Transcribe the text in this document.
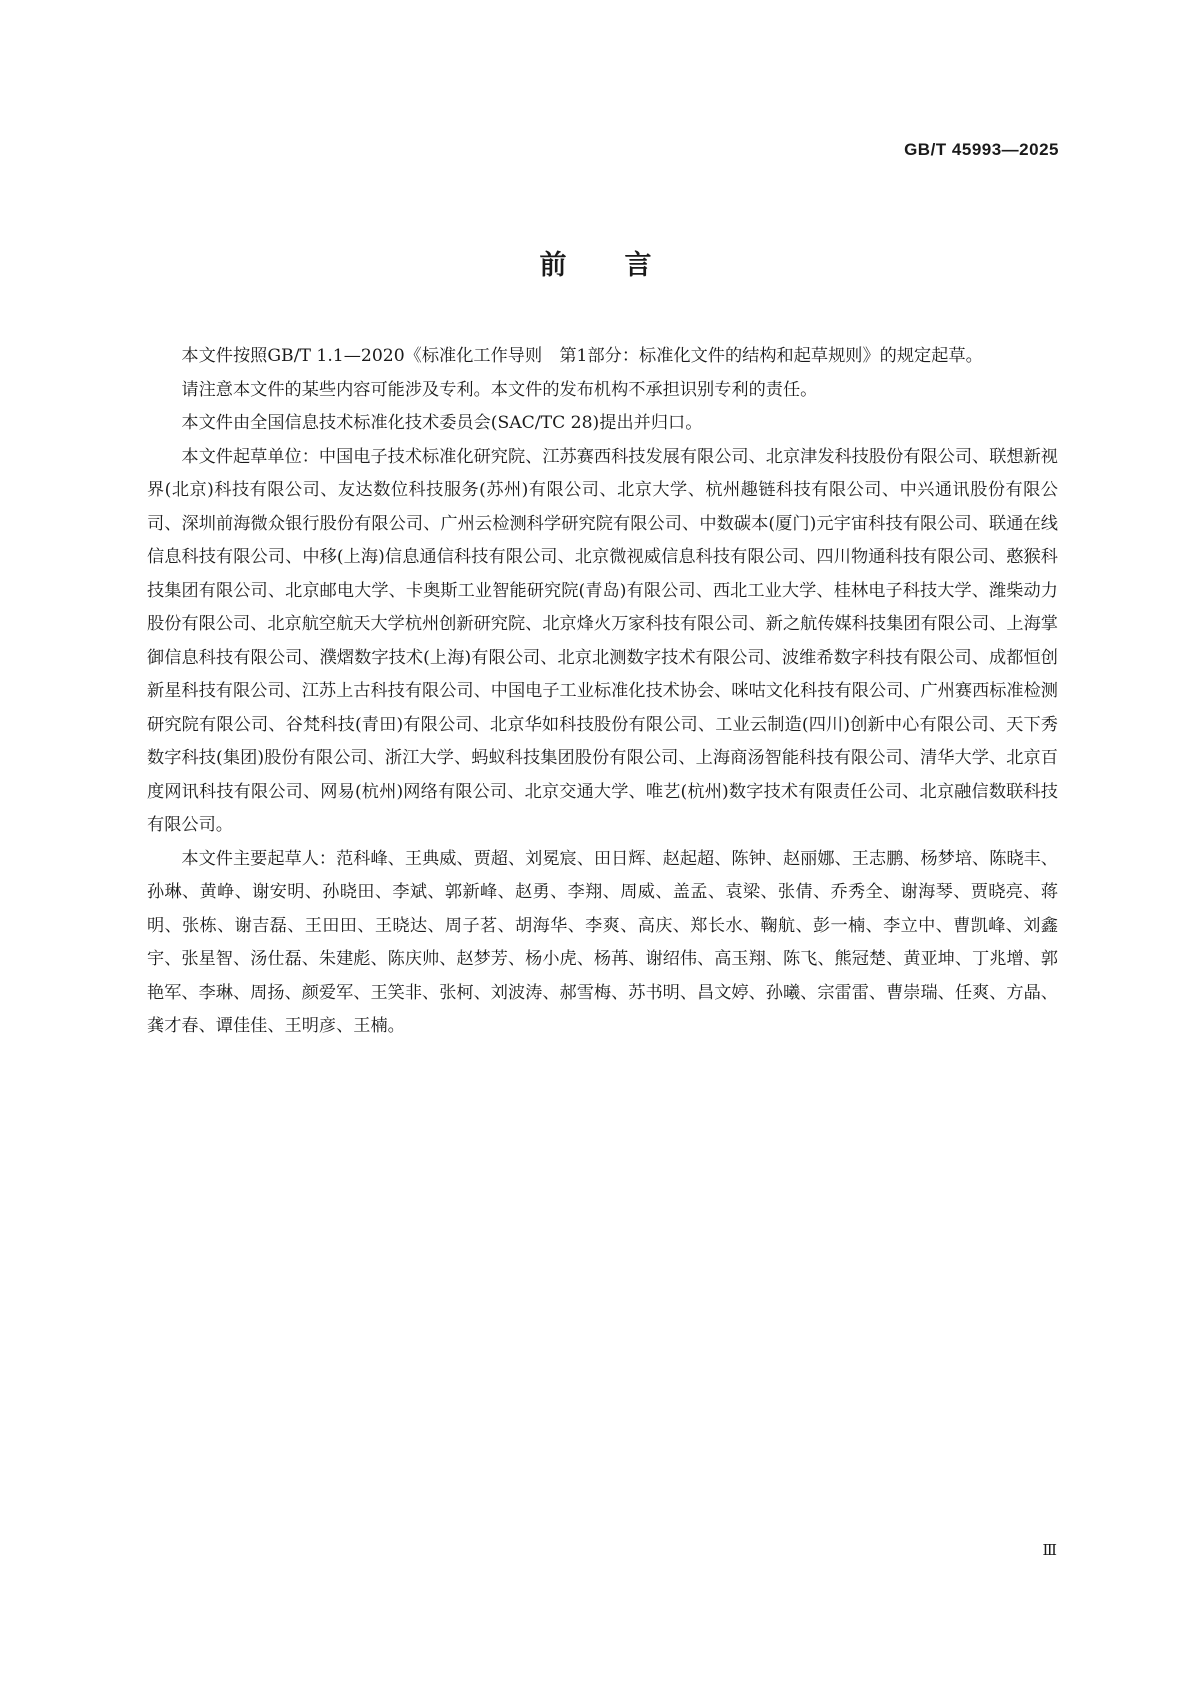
GB/T 45993—2025
前言

本文件按照GB/T 1.1—2020《标准化工作导则　第1部分：标准化文件的结构和起草规则》的规定起草。

请注意本文件的某些内容可能涉及专利。本文件的发布机构不承担识别专利的责任。

本文件由全国信息技术标准化技术委员会(SAC/TC 28)提出并归口。

本文件起草单位：中国电子技术标准化研究院、江苏赛西科技发展有限公司、北京津发科技股份有限公司、联想新视界(北京)科技有限公司、友达数位科技服务(苏州)有限公司、北京大学、杭州趣链科技有限公司、中兴通讯股份有限公司、深圳前海微众银行股份有限公司、广州云检测科学研究院有限公司、中数碳本(厦门)元宇宙科技有限公司、联通在线信息科技有限公司、中移(上海)信息通信科技有限公司、北京微视威信息科技有限公司、四川物通科技有限公司、憨猴科技集团有限公司、北京邮电大学、卡奥斯工业智能研究院(青岛)有限公司、西北工业大学、桂林电子科技大学、潍柴动力股份有限公司、北京航空航天大学杭州创新研究院、北京烽火万家科技有限公司、新之航传媒科技集团有限公司、上海掌御信息科技有限公司、濮熠数字技术(上海)有限公司、北京北测数字技术有限公司、波维希数字科技有限公司、成都恒创新星科技有限公司、江苏上古科技有限公司、中国电子工业标准化技术协会、咪咕文化科技有限公司、广州赛西标准检测研究院有限公司、谷梵科技(青田)有限公司、北京华如科技股份有限公司、工业云制造(四川)创新中心有限公司、天下秀数字科技(集团)股份有限公司、浙江大学、蚂蚁科技集团股份有限公司、上海商汤智能科技有限公司、清华大学、北京百度网讯科技有限公司、网易(杭州)网络有限公司、北京交通大学、唯艺(杭州)数字技术有限责任公司、北京融信数联科技有限公司。

本文件主要起草人：范科峰、王典威、贾超、刘冕宸、田日辉、赵起超、陈钟、赵丽娜、王志鹏、杨梦培、陈晓丰、孙琳、黄峥、谢安明、孙晓田、李斌、郭新峰、赵勇、李翔、周威、盖孟、袁梁、张倩、乔秀全、谢海琴、贾晓亮、蒋明、张栋、谢吉磊、王田田、王晓达、周子茗、胡海华、李爽、高庆、郑长水、鞠航、彭一楠、李立中、曹凯峰、刘鑫宇、张星智、汤仕磊、朱建彪、陈庆帅、赵梦芳、杨小虎、杨苒、谢绍伟、高玉翔、陈飞、熊冠楚、黄亚坤、丁兆增、郭艳军、李琳、周扬、颜爱军、王笑非、张柯、刘波涛、郝雪梅、苏书明、昌文婷、孙曦、宗雷雷、曹崇瑞、任爽、方晶、龚才春、谭佳佳、王明彦、王楠。

Ⅲ
